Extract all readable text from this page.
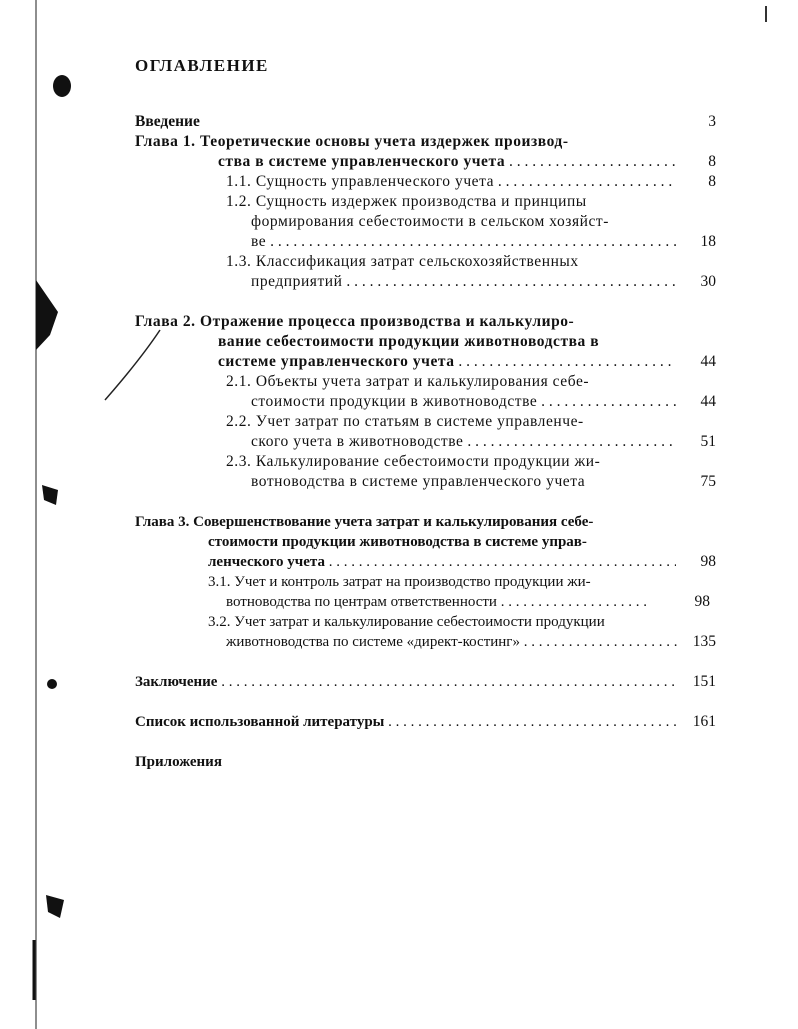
ОГЛАВЛЕНИЕ
Введение	3
Глава 1. Теоретические основы учета издержек производ-
ства в системе управленческого учета . . .	8
1.1. Сущность управленческого учета . . .	8
1.2. Сущность издержек производства и принципы
формирования себестоимости в сельском хозяйст-
ве . . .	18
1.3. Классификация затрат сельскохозяйственных
предприятий . . .	30
Глава 2. Отражение процесса производства и калькулиро-
вание себестоимости продукции животноводства в
системе управленческого учета . . .	44
2.1. Объекты учета затрат и калькулирования себе-
стоимости продукции в животноводстве . . .	44
2.2. Учет затрат по статьям в системе управленче-
ского учета в животноводстве . . .	51
2.3. Калькулирование себестоимости продукции жи-
вотноводства в системе управленческого учета	75
Глава 3. Совершенствование учета затрат и калькулирования себе-
стоимости продукции животноводства в системе управ-
ленческого учета . . .	98
3.1. Учет и контроль затрат на производство продукции жи-
вотноводства по центрам ответственности . . .	98
3.2. Учет затрат и калькулирование себестоимости продукции
животноводства по системе «директ-костинг» . . .	135
Заключение . . .	151
Список использованной литературы . . .	161
Приложения
